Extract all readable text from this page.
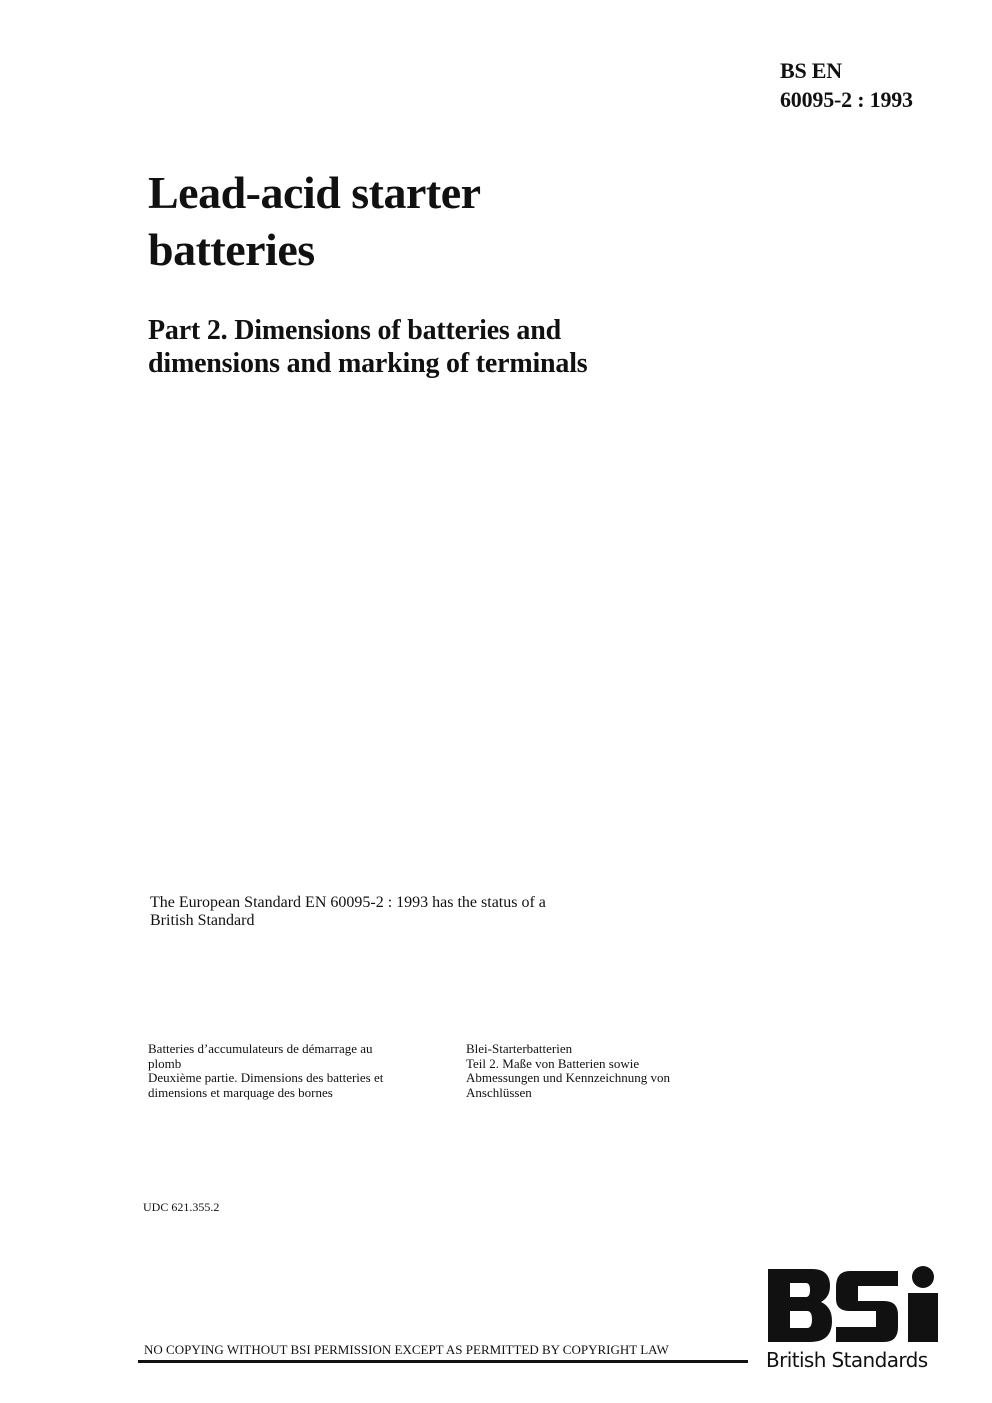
BS EN
60095-2 : 1993
Lead-acid starter
batteries
Part 2. Dimensions of batteries and
dimensions and marking of terminals
The European Standard EN 60095-2 : 1993 has the status of a
British Standard
Batteries d’accumulateurs de démarrage au
plomb
Deuxième partie. Dimensions des batteries et
dimensions et marquage des bornes
Blei-Starterbatterien
Teil 2. Maße von Batterien sowie
Abmessungen und Kennzeichnung von
Anschlüssen
UDC 621.355.2
NO COPYING WITHOUT BSI PERMISSION EXCEPT AS PERMITTED BY COPYRIGHT LAW	British Standards
